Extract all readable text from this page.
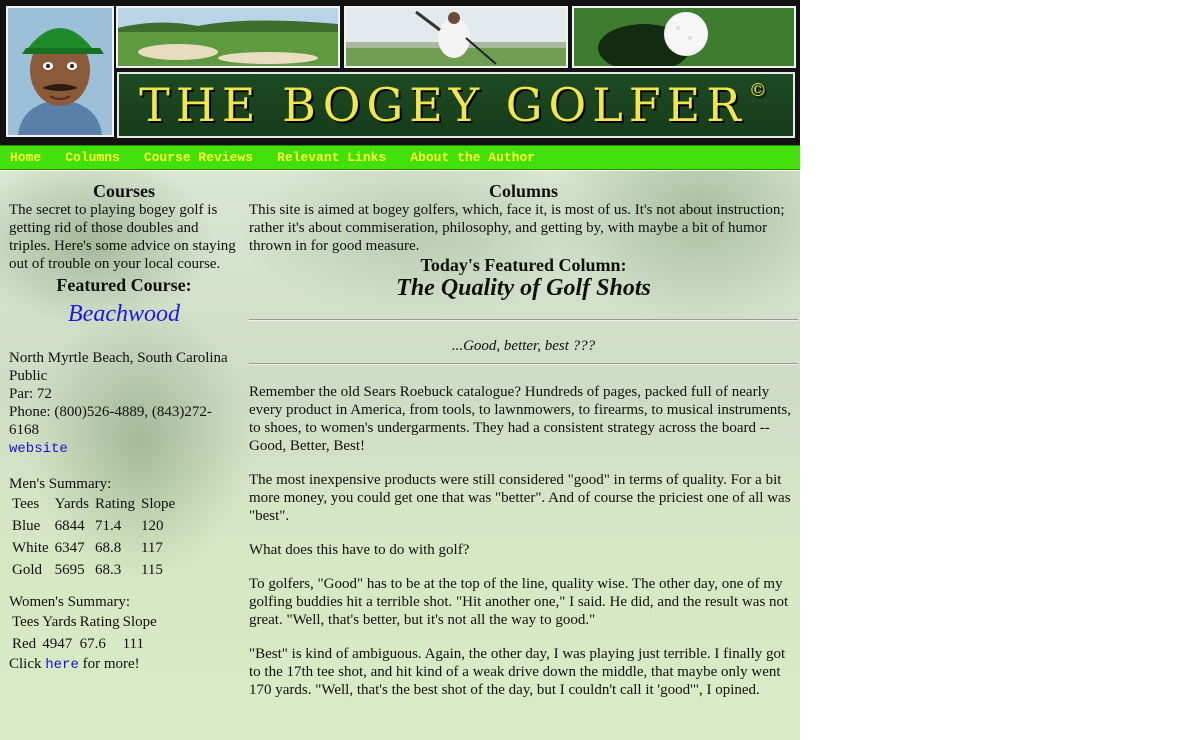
THE BOGEY GOLFER ©
Home Columns Course Reviews Relevant Links About the Author
Courses

The secret to playing bogey golf is getting rid of those doubles and triples. Here's some advice on staying out of trouble on your local course.

Featured Course:
Beachwood
North Myrtle Beach, South Carolina
Public
Par: 72
Phone: (800)526-4889, (843)272-6168
website
Men's Summary:
Tees	Yards	Rating	Slope
Blue	6844	71.4	120
White	6347	68.8	117
Gold	5695	68.3	115
Women's Summary:
Tees	Yards	Rating	Slope
Red	4947	67.6	111
Click here for more!
Columns

This site is aimed at bogey golfers, which, face it, is most of us. It's not about instruction; rather it's about commiseration, philosophy, and getting by, with maybe a bit of humor thrown in for good measure.

Today's Featured Column:
The Quality of Golf Shots
...Good, better, best ???

Remember the old Sears Roebuck catalogue? Hundreds of pages, packed full of nearly every product in America, from tools, to lawnmowers, to firearms, to musical instruments, to shoes, to women's undergarments. They had a consistent strategy across the board -- Good, Better, Best!

The most inexpensive products were still considered "good" in terms of quality. For a bit more money, you could get one that was "better". And of course the priciest one of all was "best".

What does this have to do with golf?

To golfers, "Good" has to be at the top of the line, quality wise. The other day, one of my golfing buddies hit a terrible shot. "Hit another one," I said. He did, and the result was not great. "Well, that's better, but it's not all the way to good."

"Best" is kind of ambiguous. Again, the other day, I was playing just terrible. I finally got to the 17th tee shot, and hit kind of a weak drive down the middle, that maybe only went 170 yards. "Well, that's the best shot of the day, but I couldn't call it 'good'", I opined.
